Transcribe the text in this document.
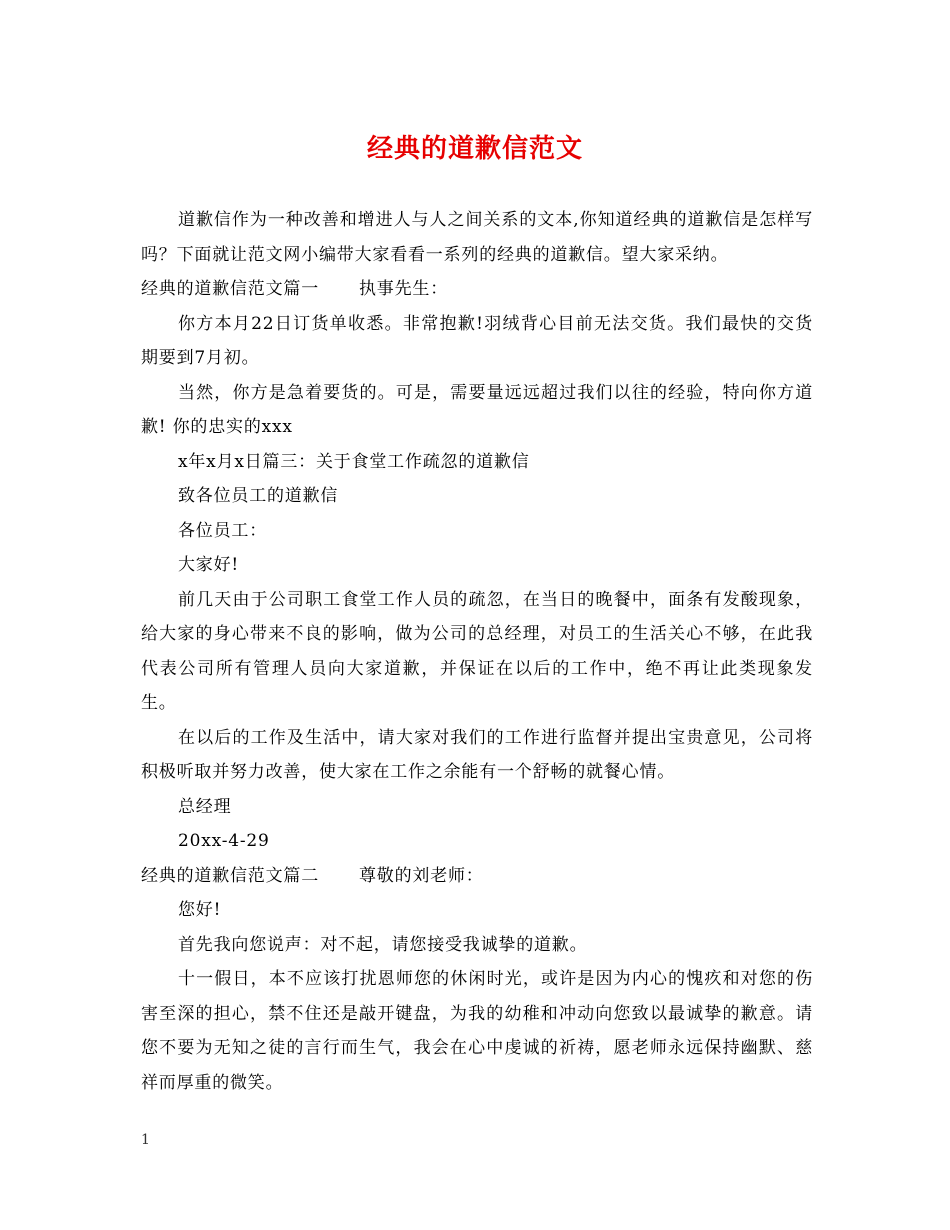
经典的道歉信范文

道歉信作为一种改善和增进人与人之间关系的文本,你知道经典的道歉信是怎样写吗？下面就让范文网小编带大家看看一系列的经典的道歉信。望大家采纳。

经典的道歉信范文篇一 执事先生：

你方本月22日订货单收悉。非常抱歉!羽绒背心目前无法交货。我们最快的交货期要到7月初。

当然，你方是急着要货的。可是，需要量远远超过我们以往的经验，特向你方道歉! 你的忠实的xxx

x年x月x日篇三：关于食堂工作疏忽的道歉信

致各位员工的道歉信

各位员工：

大家好!

前几天由于公司职工食堂工作人员的疏忽，在当日的晚餐中，面条有发酸现象，给大家的身心带来不良的影响，做为公司的总经理，对员工的生活关心不够，在此我代表公司所有管理人员向大家道歉，并保证在以后的工作中，绝不再让此类现象发生。

在以后的工作及生活中，请大家对我们的工作进行监督并提出宝贵意见，公司将积极听取并努力改善，使大家在工作之余能有一个舒畅的就餐心情。

总经理

20xx-4-29

经典的道歉信范文篇二 尊敬的刘老师：

您好!

首先我向您说声：对不起，请您接受我诚挚的道歉。

十一假日，本不应该打扰恩师您的休闲时光，或许是因为内心的愧疚和对您的伤害至深的担心，禁不住还是敲开键盘，为我的幼稚和冲动向您致以最诚挚的歉意。请您不要为无知之徒的言行而生气，我会在心中虔诚的祈祷，愿老师永远保持幽默、慈祥而厚重的微笑。

1
